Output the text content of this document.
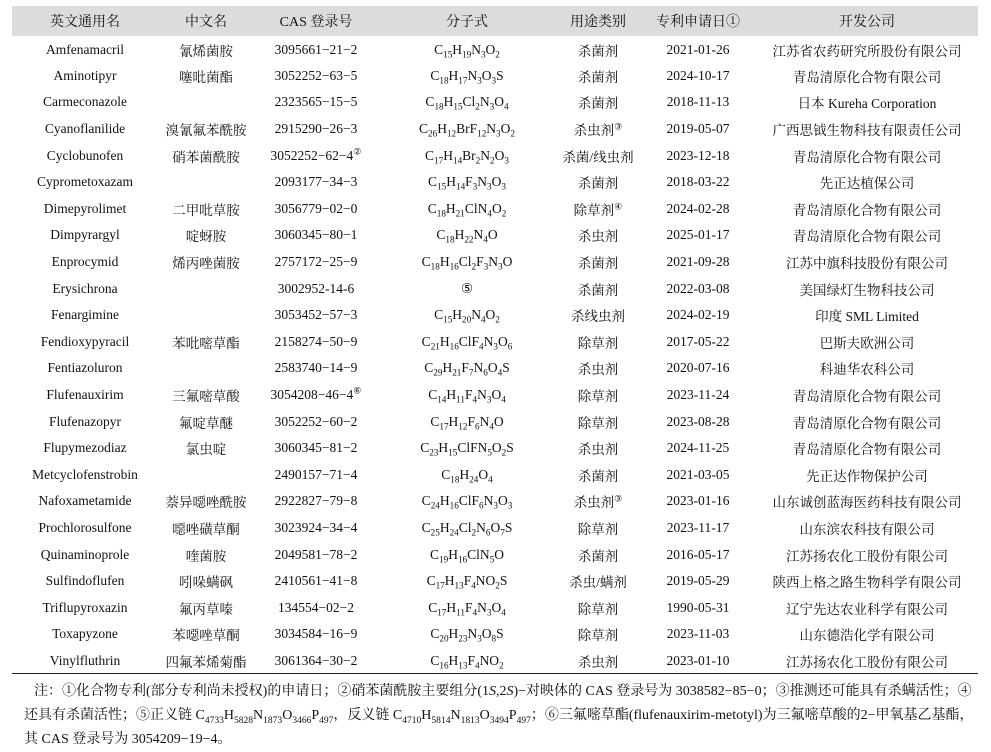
英文通用名	中文名	CAS 登录号	分子式	用途类别	专利申请日①	开发公司
Amfenamacril	氰烯菌胺	3095661−21−2	$C_{15}H_{19}N_3O_2$	杀菌剂	2021-01-26	江苏省农药研究所股份有限公司
Aminotipyr	噻吡菌酯	3052252−63−5	$C_{18}H_{17}N_3O_3S$	杀菌剂	2024-10-17	青岛清原化合物有限公司
Carmeconazole		2323565−15−5	$C_{18}H_{15}Cl_2N_3O_4$	杀菌剂	2018-11-13	日本 Kureha Corporation
Cyanoflanilide	溴氰氟苯酰胺	2915290−26−3	$C_{26}H_{12}BrF_{12}N_3O_2$	杀虫剂③	2019-05-07	广西思钺生物科技有限责任公司
Cyclobunofen	硝苯菌酰胺	3052252−62−4②	$C_{17}H_{14}Br_2N_2O_3$	杀菌/线虫剂	2023-12-18	青岛清原化合物有限公司
Cyprometoxazam		2093177−34−3	$C_{15}H_{14}F_3N_3O_3$	杀菌剂	2018-03-22	先正达植保公司
Dimepyrolimet	二甲吡草胺	3056779−02−0	$C_{18}H_{21}ClN_4O_2$	除草剂④	2024-02-28	青岛清原化合物有限公司
Dimpyrargyl	啶蚜胺	3060345−80−1	$C_{18}H_{22}N_4O$	杀虫剂	2025-01-17	青岛清原化合物有限公司
Enprocymid	烯丙唑菌胺	2757172−25−9	$C_{18}H_{16}Cl_2F_3N_3O$	杀菌剂	2021-09-28	江苏中旗科技股份有限公司
Erysichrona		3002952-14-6	⑤	杀菌剂	2022-03-08	美国绿灯生物科技公司
Fenargimine		3053452−57−3	$C_{15}H_{20}N_4O_2$	杀线虫剂	2024-02-19	印度 SML Limited
Fendioxypyracil	苯吡嘧草酯	2158274−50−9	$C_{21}H_{16}ClF_4N_3O_6$	除草剂	2017-05-22	巴斯夫欧洲公司
Fentiazoluron		2583740−14−9	$C_{29}H_{21}F_7N_6O_4S$	杀虫剂	2020-07-16	科迪华农科公司
Flufenauxirim	三氟嘧草酸	3054208−46−4⑥	$C_{14}H_{11}F_4N_3O_4$	除草剂	2023-11-24	青岛清原化合物有限公司
Flufenazopyr	氟啶草醚	3052252−60−2	$C_{17}H_{12}F_6N_4O$	除草剂	2023-08-28	青岛清原化合物有限公司
Flupymezodiaz	氯虫啶	3060345−81−2	$C_{23}H_{15}ClFN_5O_2S$	杀虫剂	2024-11-25	青岛清原化合物有限公司
Metcyclofenstrobin		2490157−71−4	$C_{18}H_{24}O_4$	杀菌剂	2021-03-05	先正达作物保护公司
Nafoxametamide	萘异噁唑酰胺	2922827−79−8	$C_{24}H_{16}ClF_6N_3O_3$	杀虫剂③	2023-01-16	山东诚创蓝海医药科技有限公司
Prochlorosulfone	噁唑磺草酮	3023924−34−4	$C_{25}H_{24}Cl_2N_6O_7S$	除草剂	2023-11-17	山东滨农科技有限公司
Quinaminoprole	喹菌胺	2049581−78−2	$C_{19}H_{16}ClN_5O$	杀菌剂	2016-05-17	江苏扬农化工股份有限公司
Sulfindoflufen	吲哚螨砜	2410561−41−8	$C_{17}H_{13}F_4NO_2S$	杀虫/螨剂	2019-05-29	陕西上格之路生物科学有限公司
Triflupyroxazin	氟丙草嗪	134554−02−2	$C_{17}H_{11}F_4N_3O_4$	除草剂	1990-05-31	辽宁先达农业科学有限公司
Toxapyzone	苯噁唑草酮	3034584−16−9	$C_{20}H_{23}N_3O_8S$	除草剂	2023-11-03	山东德浩化学有限公司
Vinylfluthrin	四氟苯烯菊酯	3061364−30−2	$C_{16}H_{13}F_4NO_2$	杀虫剂	2023-01-10	江苏扬农化工股份有限公司
注：①化合物专利(部分专利尚未授权)的申请日；②硝苯菌酰胺主要组分(1S,2S)−对映体的 CAS 登录号为 3038582−85−0；③推测还可能具有杀螨活性；④还具有杀菌活性；⑤正义链 $C_{4733}H_{5828}N_{1873}O_{3466}P_{497}$，反义链 $C_{4710}H_{5814}N_{1813}O_{3494}P_{497}$；⑥三氟嘧草酯(flufenauxirim-metotyl)为三氟嘧草酸的2−甲氧基乙基酯，其 CAS 登录号为 3054209−19−4。
